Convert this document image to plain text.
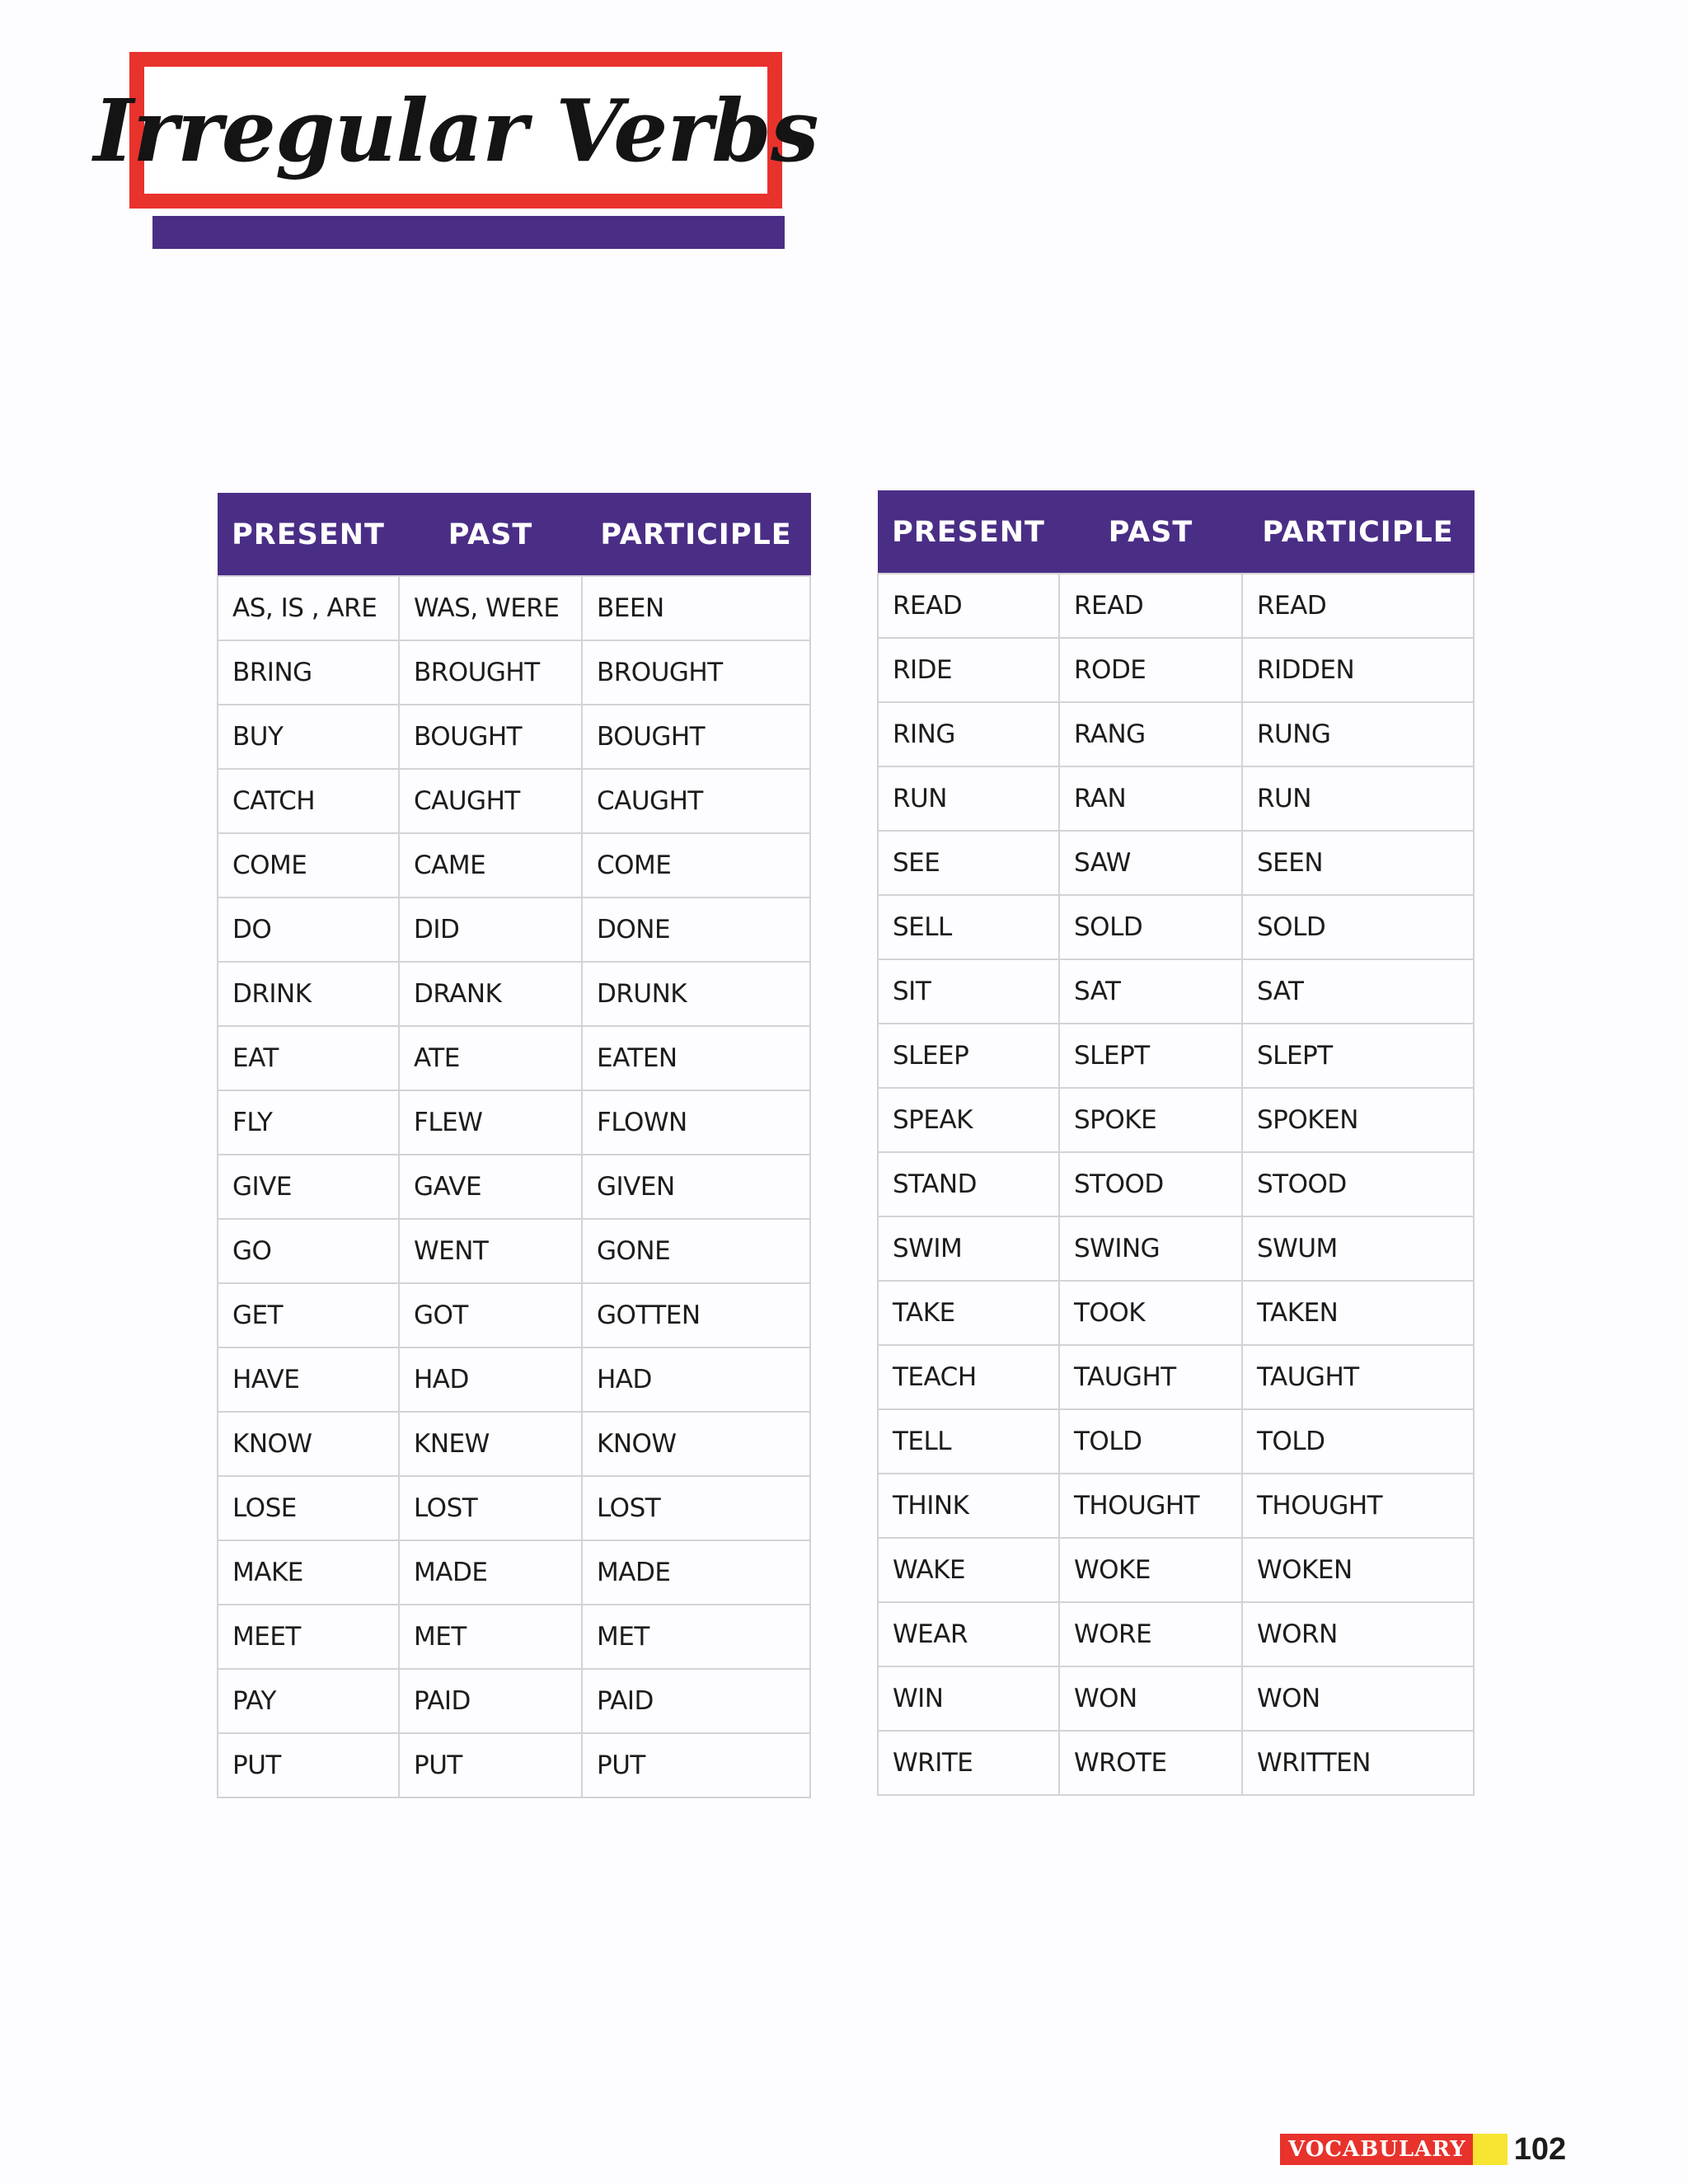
Irregular Verbs
PRESENT	PAST	PARTICIPLE
AS, IS , ARE	WAS, WERE	BEEN
BRING	BROUGHT	BROUGHT
BUY	BOUGHT	BOUGHT
CATCH	CAUGHT	CAUGHT
COME	CAME	COME
DO	DID	DONE
DRINK	DRANK	DRUNK
EAT	ATE	EATEN
FLY	FLEW	FLOWN
GIVE	GAVE	GIVEN
GO	WENT	GONE
GET	GOT	GOTTEN
HAVE	HAD	HAD
KNOW	KNEW	KNOW
LOSE	LOST	LOST
MAKE	MADE	MADE
MEET	MET	MET
PAY	PAID	PAID
PUT	PUT	PUT
PRESENT	PAST	PARTICIPLE
READ	READ	READ
RIDE	RODE	RIDDEN
RING	RANG	RUNG
RUN	RAN	RUN
SEE	SAW	SEEN
SELL	SOLD	SOLD
SIT	SAT	SAT
SLEEP	SLEPT	SLEPT
SPEAK	SPOKE	SPOKEN
STAND	STOOD	STOOD
SWIM	SWING	SWUM
TAKE	TOOK	TAKEN
TEACH	TAUGHT	TAUGHT
TELL	TOLD	TOLD
THINK	THOUGHT	THOUGHT
WAKE	WOKE	WOKEN
WEAR	WORE	WORN
WIN	WON	WON
WRITE	WROTE	WRITTEN
VOCABULARY 102
